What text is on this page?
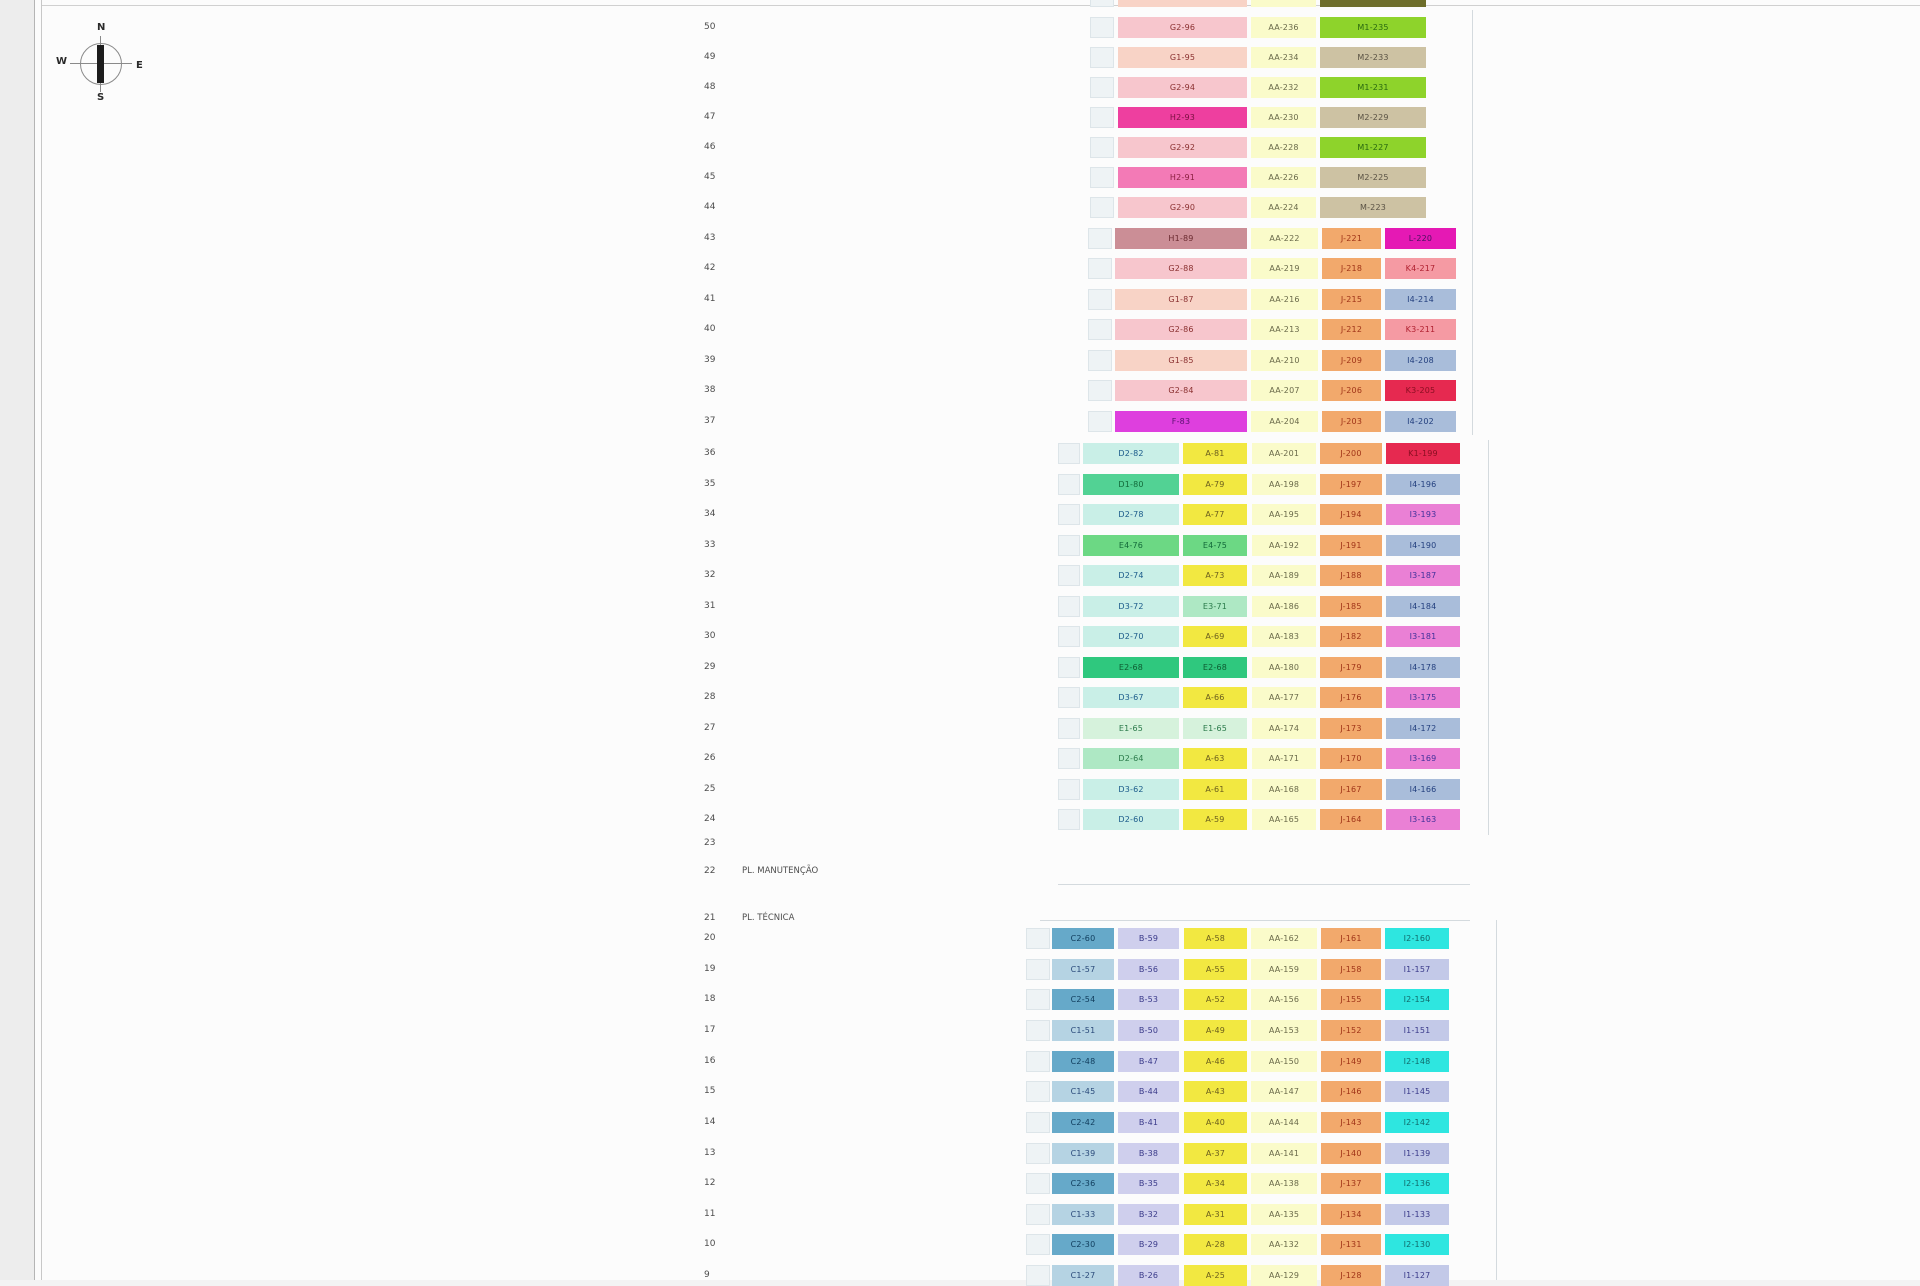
N
S
E
W
50	G2-96	AA-236	M1-235
49	G1-95	AA-234	M2-233
48	G2-94	AA-232	M1-231
47	H2-93	AA-230	M2-229
46	G2-92	AA-228	M1-227
45	H2-91	AA-226	M2-225
44	G2-90	AA-224	M-223
43	H1-89	AA-222	J-221	L-220
42	G2-88	AA-219	J-218	K4-217
41	G1-87	AA-216	J-215	I4-214
40	G2-86	AA-213	J-212	K3-211
39	G1-85	AA-210	J-209	I4-208
38	G2-84	AA-207	J-206	K3-205
37	F-83	AA-204	J-203	I4-202
36	D2-82	A-81	AA-201	J-200	K1-199
35	D1-80	A-79	AA-198	J-197	I4-196
34	D2-78	A-77	AA-195	J-194	I3-193
33	E4-76	E4-75	AA-192	J-191	I4-190
32	D2-74	A-73	AA-189	J-188	I3-187
31	D3-72	E3-71	AA-186	J-185	I4-184
30	D2-70	A-69	AA-183	J-182	I3-181
29	E2-68	E2-68	AA-180	J-179	I4-178
28	D3-67	A-66	AA-177	J-176	I3-175
27	E1-65	E1-65	AA-174	J-173	I4-172
26	D2-64	A-63	AA-171	J-170	I3-169
25	D3-62	A-61	AA-168	J-167	I4-166
24	D2-60	A-59	AA-165	J-164	I3-163
20	C2-60	B-59	A-58	AA-162	J-161	I2-160
19	C1-57	B-56	A-55	AA-159	J-158	I1-157
18	C2-54	B-53	A-52	AA-156	J-155	I2-154
17	C1-51	B-50	A-49	AA-153	J-152	I1-151
16	C2-48	B-47	A-46	AA-150	J-149	I2-148
15	C1-45	B-44	A-43	AA-147	J-146	I1-145
14	C2-42	B-41	A-40	AA-144	J-143	I2-142
13	C1-39	B-38	A-37	AA-141	J-140	I1-139
12	C2-36	B-35	A-34	AA-138	J-137	I2-136
11	C1-33	B-32	A-31	AA-135	J-134	I1-133
10	C2-30	B-29	A-28	AA-132	J-131	I2-130
9	C1-27	B-26	A-25	AA-129	J-128	I1-127
23
22	PL. MANUTENÇÃO
21	PL. TÉCNICA
